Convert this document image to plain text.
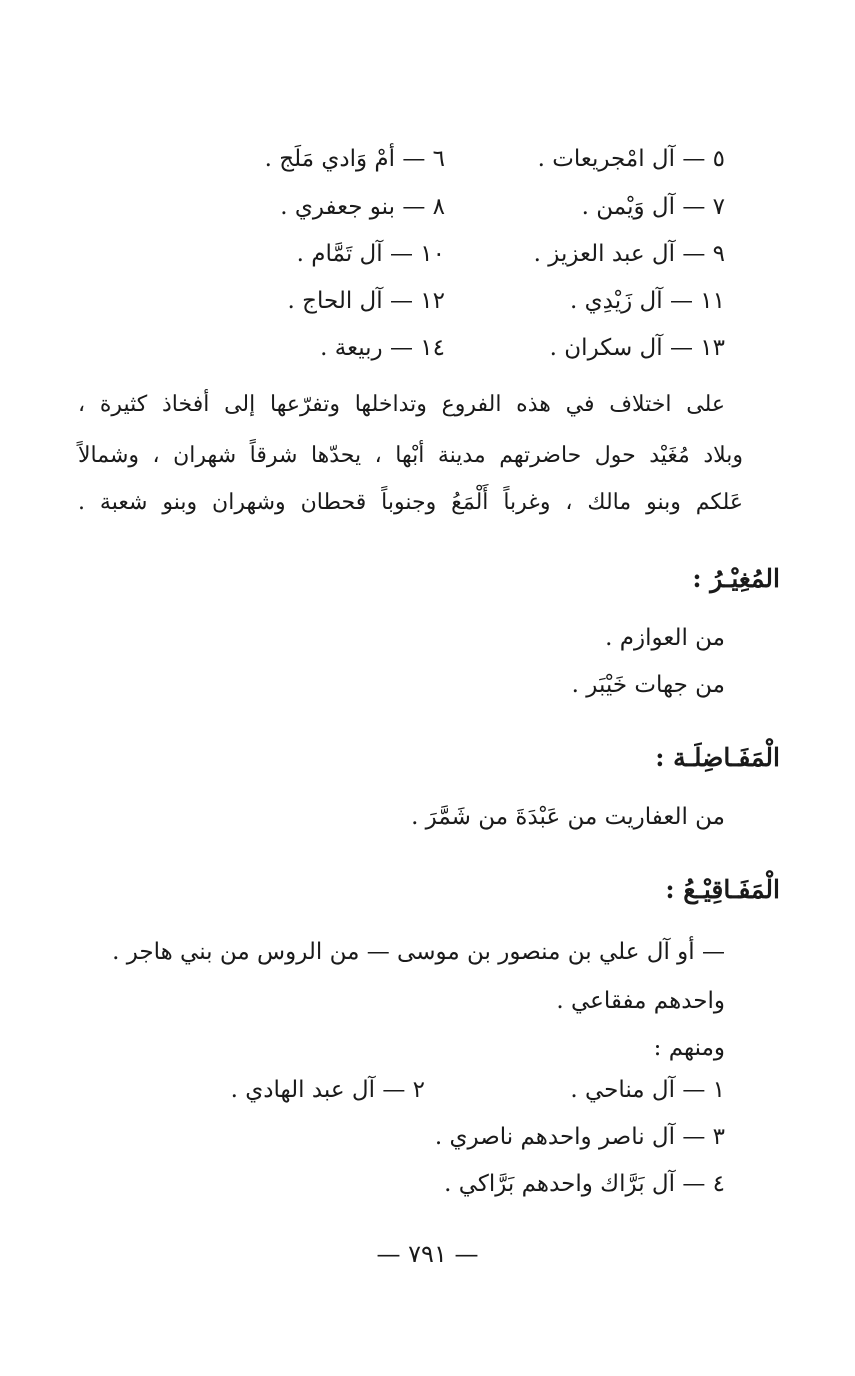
٥ — آل امْجريعات .
٦ — أمْ وَادي مَلَج .
٧ — آل وَيْمن .
٨ — بنو جعفري .
٩ — آل عبد العزيز .
١٠ — آل تَمَّام .
١١ — آل زَيْدِي .
١٢ — آل الحاج .
١٣ — آل سكران .
١٤ — ربيعة .
على اختلاف في هذه الفروع وتداخلها وتفرّعها إلى أفخاذ كثيرة ،
وبلاد مُغَيْد حول حاضرتهم مدينة أبْها ، يحدّها شرقاً شهران ، وشمالاً
عَلكم وبنو مالك ، وغرباً أَلْمَعُ وجنوباً قحطان وشهران وبنو شعبة .
المُغِيْـرُ :
من العوازم .
من جهات خَيْبَر .
الْمَفَـاضِلَـة :
من العفاريت من عَبْدَةَ من شَمَّرَ .
الْمَفَـاقِيْـعُ :
— أو آل علي بن منصور بن موسى — من الروس من بني هاجر .
واحدهم مفقاعي .
ومنهم :
١ — آل مناحي .
٢ — آل عبد الهادي .
٣ — آل ناصر واحدهم ناصري .
٤ — آل بَرَّاك واحدهم بَرَّاكي .
— ٧٩١ —
